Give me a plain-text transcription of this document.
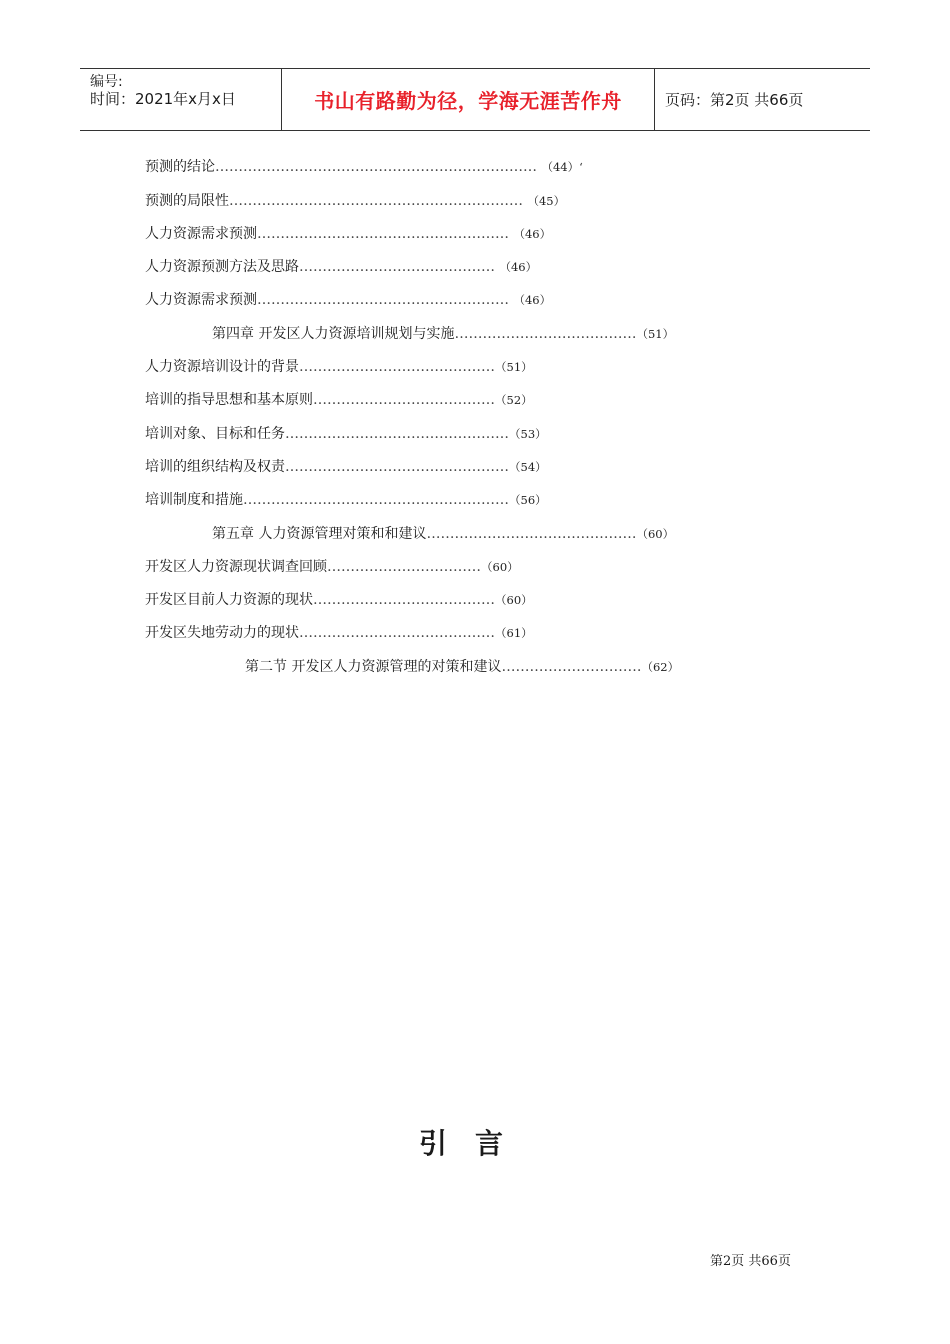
编号:
时间：2021年x月x日	书山有路勤为径，学海无涯苦作舟	页码：第2页 共66页
预测的结论…………………………………………………………… （44）‘
预测的局限性……………………………………………………… （45）
人力资源需求预测……………………………………………… （46）
人力资源预测方法及思路…………………………………… （46）
人力资源需求预测……………………………………………… （46）
第四章 开发区人力资源培训规划与实施…………………………………（51）
人力资源培训设计的背景……………………………………（51）
培训的指导思想和基本原则…………………………………（52）
培训对象、目标和任务…………………………………………（53）
培训的组织结构及权责…………………………………………（54）
培训制度和措施…………………………………………………（56）
第五章 人力资源管理对策和和建议………………………………………（60）
开发区人力资源现状调查回顾……………………………（60）
开发区目前人力资源的现状…………………………………（60）
开发区失地劳动力的现状……………………………………（61）
第二节 开发区人力资源管理的对策和建议…………………………（62）
引言
第2页 共66页
